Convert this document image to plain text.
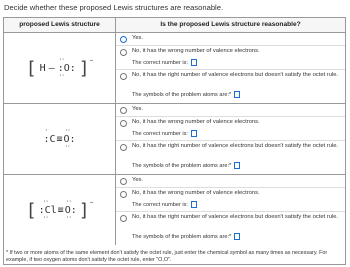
Decide whether these proposed Lewis structures are reasonable.
proposed Lewis structure	Is the proposed Lewis structure reasonable?
[ H —
··
:O:
·· ] −
Yes.
No, it has the wrong number of valence electrons.
The correct number is:
No, it has the right number of valence electrons but doesn't satisfy the octet rule.
The symbols of the problem atoms are:*
·
:C ≡
··
O:
··
Yes.
No, it has the wrong number of valence electrons.
The correct number is:
No, it has the right number of valence electrons but doesn't satisfy the octet rule.
The symbols of the problem atoms are:*
[ ··
:Cl
··
≡
··
O:
·· ] −
Yes.
No, it has the wrong number of valence electrons.
The correct number is:
No, it has the right number of valence electrons but doesn't satisfy the octet rule.
The symbols of the problem atoms are:*
* If two or more atoms of the same element don't satisfy the octet rule, just enter the chemical symbol as many times as necessary. For example, if two oxygen atoms don't satisfy the octet rule, enter "O,O".
